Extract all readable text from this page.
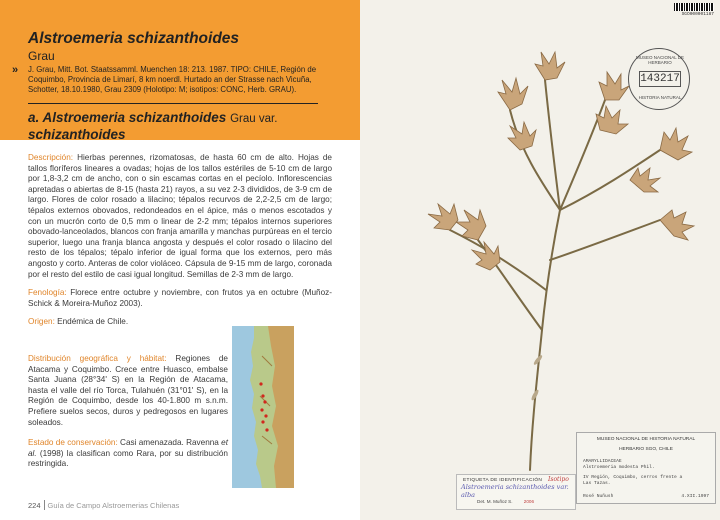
Alstroemeria schizanthoides
Grau
» J. Grau, Mitt. Bot. Staatssamml. Muenchen 18: 213. 1987. TIPO: CHILE, Región de Coquimbo, Provincia de Limarí, 8 km noerdl. Hurtado an der Strasse nach Vicuña, Schotter, 18.10.1980, Grau 2309 (Holotipo: M; isotipos: CONC, Herb. GRAU).
a. Alstroemeria schizanthoides Grau var.
schizanthoides

Descripción: Hierbas perennes, rizomatosas, de hasta 60 cm de alto. Hojas de tallos floríferos lineares a ovadas; hojas de los tallos estériles de 5-10 cm de largo por 1,8-3,2 cm de ancho, con o sin escamas cortas en el pecíolo. Inflorescencias apretadas o abiertas de 8-15 (hasta 21) rayos, a su vez 2-3 divididos, de 3-9 cm de largo. Flores de color rosado a lilacino; tépalos recurvos de 2,2-2,5 cm de largo; tépalos externos obovados, redondeados en el ápice, más o menos escotados y con un mucrón corto de 0,5 mm o linear de 2-2 mm; tépalos internos superiores obovado-lanceolados, blancos con franja amarilla y manchas purpúreas en el tercio superior, luego una franja blanca angosta y después el color rosado o lilacino del resto de los tépalos; tépalo inferior de igual forma que los externos, pero más angosto y corto. Anteras de color violáceo. Cápsula de 9-15 mm de largo, coronada por el resto del estilo de casi igual longitud. Semillas de 2-3 mm de largo.

Fenología: Florece entre octubre y noviembre, con frutos ya en octubre (Muñoz-Schick & Moreira-Muñoz 2003).

Origen: Endémica de Chile.

Distribución geográfica y hábitat: Regiones de Atacama y Coquimbo. Crece entre Huasco, embalse Santa Juana (28°34' S) en la Región de Atacama, hasta el valle del río Torca, Tulahuén (31°01' S), en la Región de Coquimbo, desde los 40-1.800 m s.n.m. Prefiere suelos secos, duros y pedregosos en lugares soleados.

Estado de conservación: Casi amenazada. Ravenna et al. (1998) la clasifican como Rara, por su distribución restringida.

224 Guía de Campo Alstroemerias Chilenas
SGO000001187
MUSEO NACIONAL DE HERBARIO
143217
HISTORIA NATURAL
MUSEO NACIONAL DE HISTORIA NATURAL
HERBARIO SGO, CHILE
AMARYLLIDACEAE
Alstroemeria modesta Phil.
IV Región, Coquimbo, cerros frente a
Las Tazas.
Rosé Nuñush	4.XII.1997
ETIQUETA DE IDENTIFICACIÓN
Alstroemeria schizanthoides var. alba
Det. M. Muñoz S. 2006
Isotipo
